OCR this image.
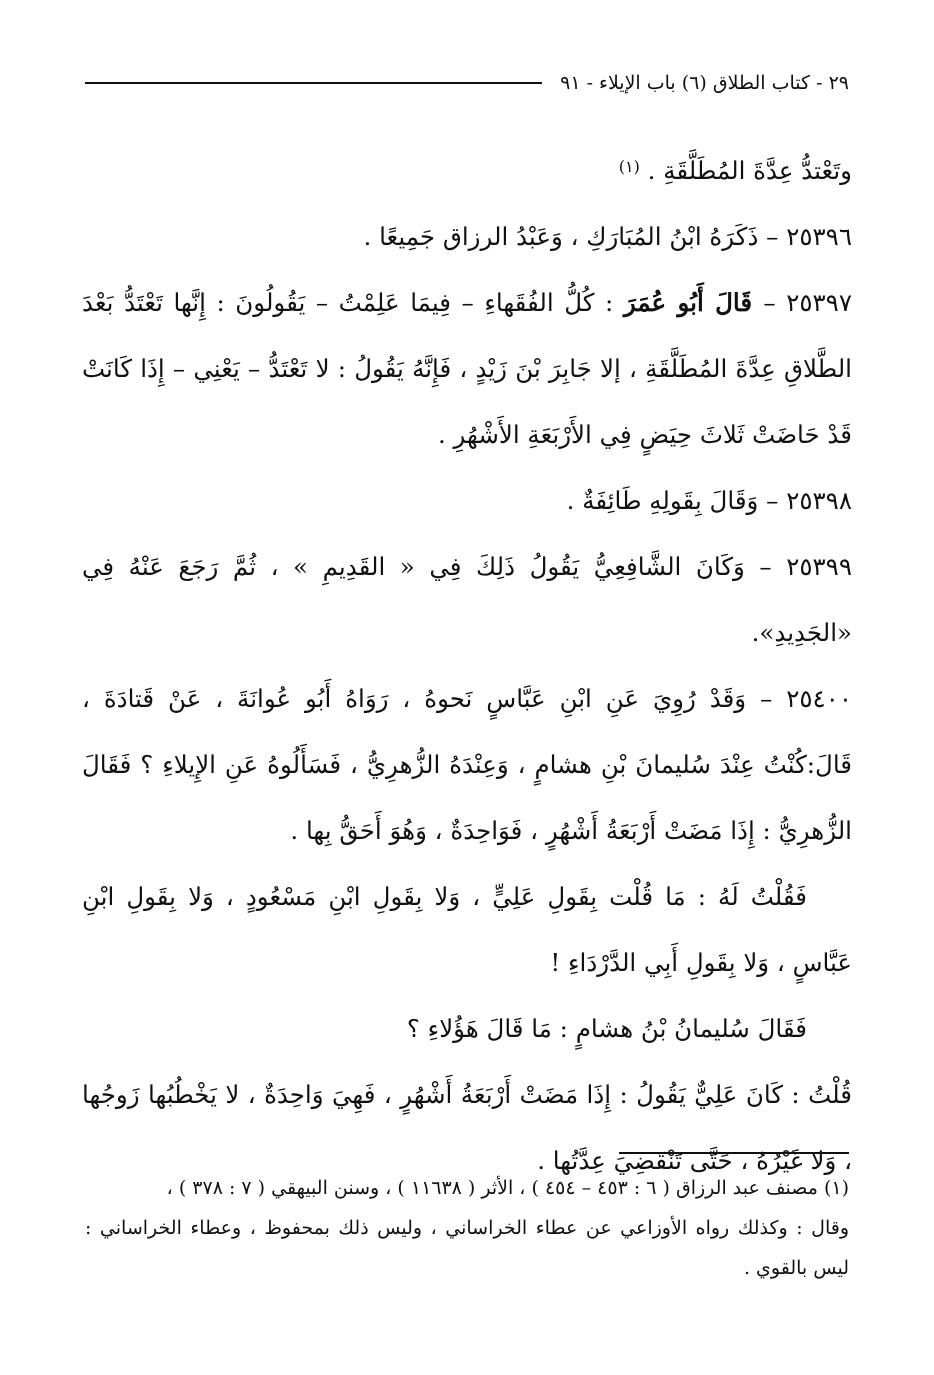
٢٩ - كتاب الطلاق (٦) باب الإيلاء - ٩١

وتَعْتدُّ عِدَّةَ المُطَلَّقَةِ . $^{(١)}$

٢٥٣٩٦ – ذَكَرَهُ ابْنُ المُبَارَكِ ، وَعَبْدُ الرزاق جَمِيعًا .

٢٥٣٩٧ – قَالَ أَبُو عُمَرَ : كُلُّ الفُقَهاءِ – فِيمَا عَلِمْتُ – يَقُولُونَ : إِنَّها تَعْتَدُّ بَعْدَ الطَّلاقِ عِدَّةَ المُطَلَّقَةِ ، إلا جَابِرَ بْنَ زَيْدٍ ، فَإِنَّهُ يَقُولُ : لا تَعْتَدُّ – يَعْنِي – إِذَا كَانَتْ قَدْ حَاضَتْ ثَلاثَ حِيَضٍ فِي الأَرْبَعَةِ الأَشْهُرِ .

٢٥٣٩٨ – وَقَالَ بِقَولِهِ طَائِفَةٌ .

٢٥٣٩٩ – وَكَانَ الشَّافِعِيُّ يَقُولُ ذَلِكَ فِي « القَدِيمِ » ، ثُمَّ رَجَعَ عَنْهُ فِي «الجَدِيدِ».

٢٥٤٠٠ – وَقَدْ رُوِيَ عَنِ ابْنِ عَبَّاسٍ نَحوهُ ، رَوَاهُ أَبُو عُوانَةَ ، عَنْ قَتادَةَ ، قَالَ:كُنْتُ عِنْدَ سُليمانَ بْنِ هشامٍ ، وَعِنْدَهُ الزُّهرِيُّ ، فَسَأَلُوهُ عَنِ الإِيلاءِ ؟ فَقَالَ الزُّهرِيُّ : إِذَا مَضَتْ أَرْبَعَةُ أَشْهُرٍ ، فَوَاحِدَةٌ ، وَهُوَ أَحَقُّ بِها .

فَقُلْتُ لَهُ : مَا قُلْت بِقَولِ عَلِيٍّ ، وَلا بِقَولِ ابْنِ مَسْعُودٍ ، وَلا بِقَولِ ابْنِ عَبَّاسٍ ، وَلا بِقَولِ أَبِي الدَّرْدَاءِ !

فَقَالَ سُليمانُ بْنُ هشامٍ : مَا قَالَ هَؤُلاءِ ؟

قُلْتُ : كَانَ عَلِيٌّ يَقُولُ : إِذَا مَضَتْ أَرْبَعَةُ أَشْهُرٍ ، فَهِيَ وَاحِدَةٌ ، لا يَخْطُبُها زَوجُها ، وَلا غَيْرُهُ ، حَتَّى تَنْقَضِيَ عِدَّتُها .

(١) مصنف عبد الرزاق ( ٦ : ٤٥٣ – ٤٥٤ ) ، الأثر ( ١١٦٣٨ ) ، وسنن البيهقي ( ٧ : ٣٧٨ ) ،

وقال : وكذلك رواه الأوزاعي عن عطاء الخراساني ، وليس ذلك بمحفوظ ، وعطاء الخراساني : ليس بالقوي .
